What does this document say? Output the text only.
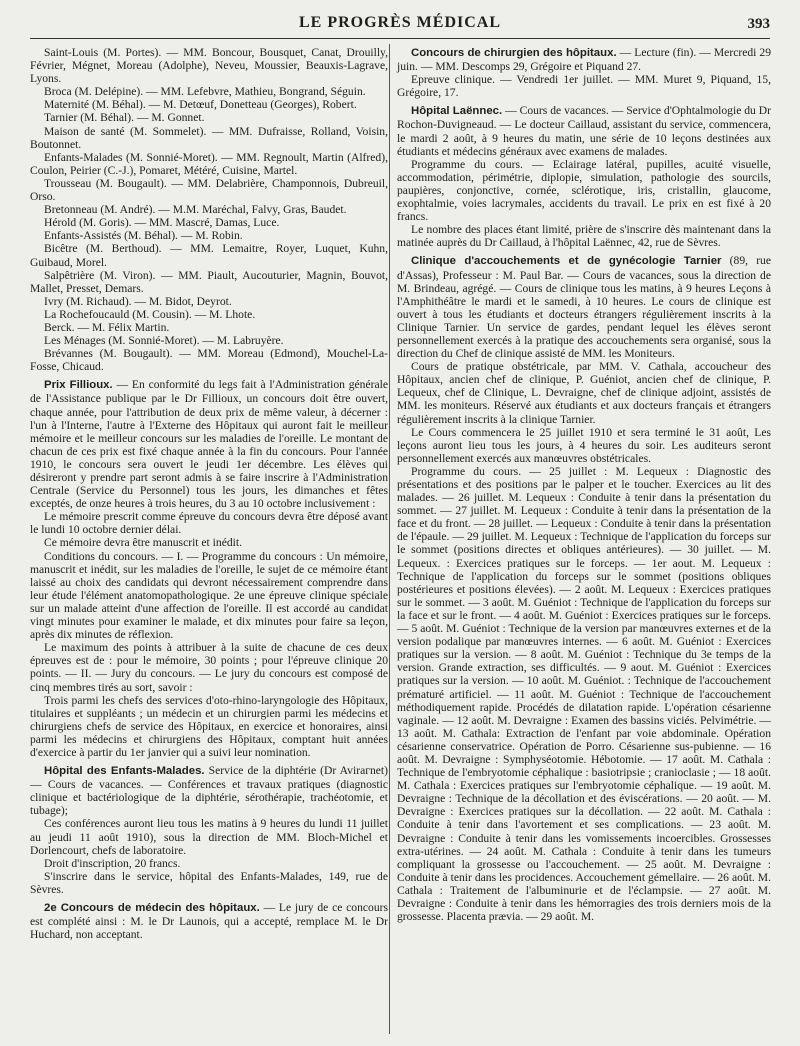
LE PROGRÈS MÉDICAL	393

Saint-Louis (M. Portes). — MM. Boncour, Bousquet, Canat, Drouilly, Février, Mégnet, Moreau (Adolphe), Neveu, Moussier, Beauxis-Lagrave, Lyons.

Broca (M. Delépine). — MM. Lefebvre, Mathieu, Bongrand, Séguin.

Maternité (M. Béhal). — M. Detœuf, Donetteau (Georges), Robert.

Tarnier (M. Béhal). — M. Gonnet.

Maison de santé (M. Sommelet). — MM. Dufraisse, Rolland, Voisin, Boutonnet.

Enfants-Malades (M. Sonnié-Moret). — MM. Regnoult, Martin (Alfred), Coulon, Peirier (C.-J.), Pomaret, Météré, Cuisine, Martel.

Trousseau (M. Bougault). — MM. Delabrière, Champonnois, Dubreuil, Orso.

Bretonneau (M. André). — M.M. Maréchal, Falvy, Gras, Baudet.

Hérold (M. Goris). — MM. Mascré, Damas, Luce.

Enfants-Assistés (M. Béhal). — M. Robin.

Bicêtre (M. Berthoud). — MM. Lemaitre, Royer, Luquet, Kuhn, Guibaud, Morel.

Salpêtrière (M. Viron). — MM. Piault, Aucouturier, Magnin, Bouvot, Mallet, Presset, Demars.

Ivry (M. Richaud). — M. Bidot, Deyrot.

La Rochefoucauld (M. Cousin). — M. Lhote.

Berck. — M. Félix Martin.

Les Ménages (M. Sonnié-Moret). — M. Labruyère.

Brévannes (M. Bougault). — MM. Moreau (Edmond), Mouchel-La-Fosse, Chicaud.

Prix Fillioux. — En conformité du legs fait à l'Administration générale de l'Assistance publique par le Dr Fillioux, un concours doit être ouvert, chaque année, pour l'attribution de deux prix de même valeur, à décerner : l'un à l'Interne, l'autre à l'Externe des Hôpitaux qui auront fait le meilleur mémoire et le meilleur concours sur les maladies de l'oreille. Le montant de chacun de ces prix est fixé chaque année à la fin du concours. Pour l'année 1910, le concours sera ouvert le jeudi 1er décembre. Les élèves qui désireront y prendre part seront admis à se faire inscrire à l'Administration Centrale (Service du Personnel) tous les jours, les dimanches et fêtes exceptés, de onze heures à trois heures, du 3 au 10 octobre inclusivement :

Le mémoire prescrit comme épreuve du concours devra être déposé avant le lundi 10 octobre dernier délai.

Ce mémoire devra être manuscrit et inédit.

Conditions du concours. — I. — Programme du concours : Un mémoire, manuscrit et inédit, sur les maladies de l'oreille, le sujet de ce mémoire étant laissé au choix des candidats qui devront nécessairement comprendre dans leur étude l'élément anatomopathologique. 2e une épreuve clinique spéciale sur un malade atteint d'une affection de l'oreille. Il est accordé au candidat vingt minutes pour examiner le malade, et dix minutes pour faire sa leçon, après dix minutes de réflexion.

Le maximum des points à attribuer à la suite de chacune de ces deux épreuves est de : pour le mémoire, 30 points ; pour l'épreuve clinique 20 points. — II. — Jury du concours. — Le jury du concours est composé de cinq membres tirés au sort, savoir :

Trois parmi les chefs des services d'oto-rhino-laryngologie des Hôpitaux, titulaires et suppléants ; un médecin et un chirurgien parmi les médecins et chirurgiens chefs de service des Hôpitaux, en exercice et honoraires, ainsi parmi les médecins et chirurgiens des Hôpitaux, comptant huit années d'exercice à partir du 1er janvier qui a suivi leur nomination.

Hôpital des Enfants-Malades. Service de la diphtérie (Dr Avirагnet) — Cours de vacances. — Conférences et travaux pratiques (diagnostic clinique et bactériologique de la diphtérie, sérothérapie, trachéotomie, et tubage);

Ces conférences auront lieu tous les matins à 9 heures du lundi 11 juillet au jeudi 11 août 1910), sous la direction de MM. Bloch-Michel et Dorlencourt, chefs de laboratoire.

Droit d'inscription, 20 francs.

S'inscrire dans le service, hôpital des Enfants-Malades, 149, rue de Sèvres.

2e Concours de médecin des hôpitaux. — Le jury de ce concours est complété ainsi : M. le Dr Launois, qui a accepté, remplace M. le Dr Huchard, non acceptant.

Concours de chirurgien des hôpitaux. — Lecture (fin). — Mercredi 29 juin. — MM. Descomps 29, Grégoire et Piquand 27.

Epreuve clinique. — Vendredi 1er juillet. — MM. Muret 9, Piquand, 15, Grégoire, 17.

Hôpital Laënnec. — Cours de vacances. — Service d'Ophtalmologie du Dr Rochon-Duvigneaud. — Le docteur Caillaud, assistant du service, commencera, le mardi 2 août, à 9 heures du matin, une série de 10 leçons destinées aux étudiants et médecins généraux avec examens de malades.

Programme du cours. — Eclairage latéral, pupilles, acuité visuelle, accommodation, périmétrie, diplopie, simulation, pathologie des sourcils, paupières, conjonctive, cornée, sclérotique, iris, cristallin, glaucome, exophtalmie, voies lacrymales, accidents du travail. Le prix en est fixé à 20 francs.

Le nombre des places étant limité, prière de s'inscrire dès maintenant dans la matinée auprès du Dr Caillaud, à l'hôpital Laënnec, 42, rue de Sèvres.

Clinique d'accouchements et de gynécologie Tarnier (89, rue d'Assas), Professeur : M. Paul Bar. — Cours de vacances, sous la direction de M. Brindeau, agrégé. — Cours de clinique tous les matins, à 9 heures Leçons à l'Amphithéâtre le mardi et le samedi, à 10 heures. Le cours de clinique est ouvert à tous les étudiants et docteurs étrangers régulièrement inscrits à la Clinique Tarnier. Un service de gardes, pendant lequel les élèves seront personnellement exercés à la pratique des accouchements sera organisé, sous la direction du Chef de clinique assisté de MM. les Moniteurs.

Cours de pratique obstétricale, par MM. V. Cathala, accoucheur des Hôpitaux, ancien chef de clinique, P. Guéniot, ancien chef de clinique, P. Lequeux, chef de Clinique, L. Devraigne, chef de clinique adjoint, assistés de MM. les moniteurs. Réservé aux étudiants et aux docteurs français et étrangers régulièrement inscrits à la clinique Tarnier.

Le Cours commencera le 25 juillet 1910 et sera terminé le 31 août, Les leçons auront lieu tous les jours, à 4 heures du soir. Les auditeurs seront personnellement exercés aux manœuvres obstétricales.

Programme du cours. — 25 juillet : M. Lequeux : Diagnostic des présentations et des positions par le palper et le toucher. Exercices au lit des malades. — 26 juillet. M. Lequeux : Conduite à tenir dans la présentation du sommet. — 27 juillet. M. Lequeux : Conduite à tenir dans la présentation de la face et du front. — 28 juillet. — Lequeux : Conduite à tenir dans la présentation de l'épaule. — 29 juillet. M. Lequeux : Technique de l'application du forceps sur le sommet (positions directes et obliques antérieures). — 30 juillet. — M. Lequeux. : Exercices pratiques sur le forceps. — 1er aout. M. Lequeux : Technique de l'application du forceps sur le sommet (positions obliques postérieures et positions élevées). — 2 août. M. Lequeux : Exercices pratiques sur le sommet. — 3 août. M. Guéniot : Technique de l'application du forceps sur la face et sur le front. — 4 août. M. Guéniot : Exercices pratiques sur le forceps. — 5 août. M. Guéniot : Technique de la version par manœuvres externes et de la version podalique par manœuvres internes. — 6 août. M. Guéniot : Exercices pratiques sur la version. — 8 août. M. Guéniot : Technique du 3e temps de la version. Grande extraction, ses difficultés. — 9 aout. M. Guéniot : Exercices pratiques sur la version. — 10 août. M. Guéniot. : Technique de l'accouchement prématuré artificiel. — 11 août. M. Guéniot : Technique de l'accouchement méthodiquement rapide. Procédés de dilatation rapide. L'opération césarienne vaginale. — 12 août. M. Devraigne : Examen des bassins viciés. Pelvimétrie. — 13 août. M. Cathala: Extraction de l'enfant par voie abdominale. Opération césarienne conservatrice. Opération de Porro. Césarienne sus-pubienne. — 16 août. M. Devraigne : Symphyséotomie. Hébotomie. — 17 août. M. Cathala : Technique de l'embryotomie céphalique : basiotripsie ; cranioclasie ; — 18 août. M. Cathala : Exercices pratiques sur l'embryotomie céphalique. — 19 août. M. Devraigne : Technique de la décollation et des éviscérations. — 20 août. — M. Devraigne : Exercices pratiques sur la décollation. — 22 août. M. Cathala : Conduite à tenir dans l'avortement et ses complications. — 23 août. M. Devraigne : Conduite à tenir dans les vomissements incoercibles. Grossesses extra-utérines. — 24 août. M. Cathala : Conduite à tenir dans les tumeurs compliquant la grossesse ou l'accouchement. — 25 août. M. Devraigne : Conduite à tenir dans les procidences. Accouchement gémellaire. — 26 août. M. Cathala : Traitement de l'albuminurie et de l'éclampsie. — 27 août. M. Devraigne : Conduite à tenir dans les hémorragies des trois derniers mois de la grossesse. Placenta prævia. — 29 août. M.
